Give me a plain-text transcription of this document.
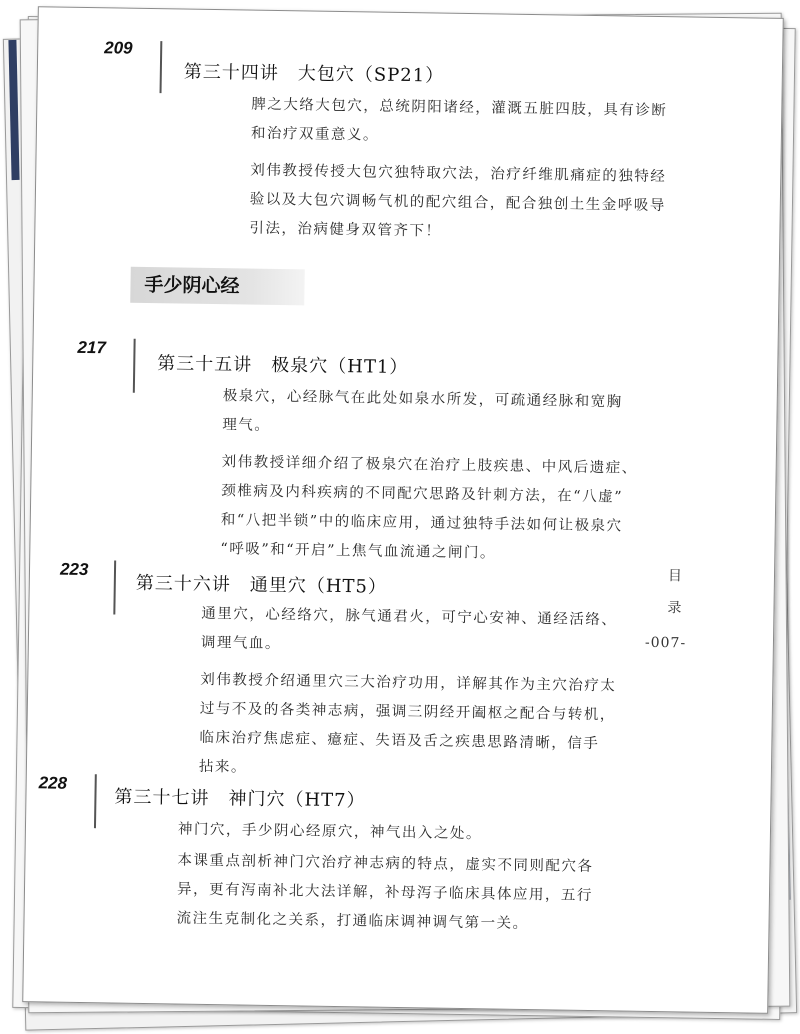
209
第三十四讲　大包穴（SP21）

脾之大络大包穴，总统阴阳诸经，灌溉五脏四肢，具有诊断
和治疗双重意义。

刘伟教授传授大包穴独特取穴法，治疗纤维肌痛症的独特经
验以及大包穴调畅气机的配穴组合，配合独创土生金呼吸导
引法，治病健身双管齐下！

手少阴心经
217
第三十五讲　极泉穴（HT1）

极泉穴，心经脉气在此处如泉水所发，可疏通经脉和宽胸
理气。

刘伟教授详细介绍了极泉穴在治疗上肢疾患、中风后遗症、
颈椎病及内科疾病的不同配穴思路及针刺方法，在“八虚”
和“八把半锁”中的临床应用，通过独特手法如何让极泉穴
“呼吸”和“开启”上焦气血流通之闸门。

223
第三十六讲　通里穴（HT5）

通里穴，心经络穴，脉气通君火，可宁心安神、通经活络、
调理气血。

刘伟教授介绍通里穴三大治疗功用，详解其作为主穴治疗太
过与不及的各类神志病，强调三阴经开阖枢之配合与转机，
临床治疗焦虑症、癔症、失语及舌之疾患思路清晰，信手
拈来。

228
第三十七讲　神门穴（HT7）

神门穴，手少阴心经原穴，神气出入之处。

本课重点剖析神门穴治疗神志病的特点，虚实不同则配穴各
异，更有泻南补北大法详解，补母泻子临床具体应用，五行
流注生克制化之关系，打通临床调神调气第一关。

目
录
-007-
